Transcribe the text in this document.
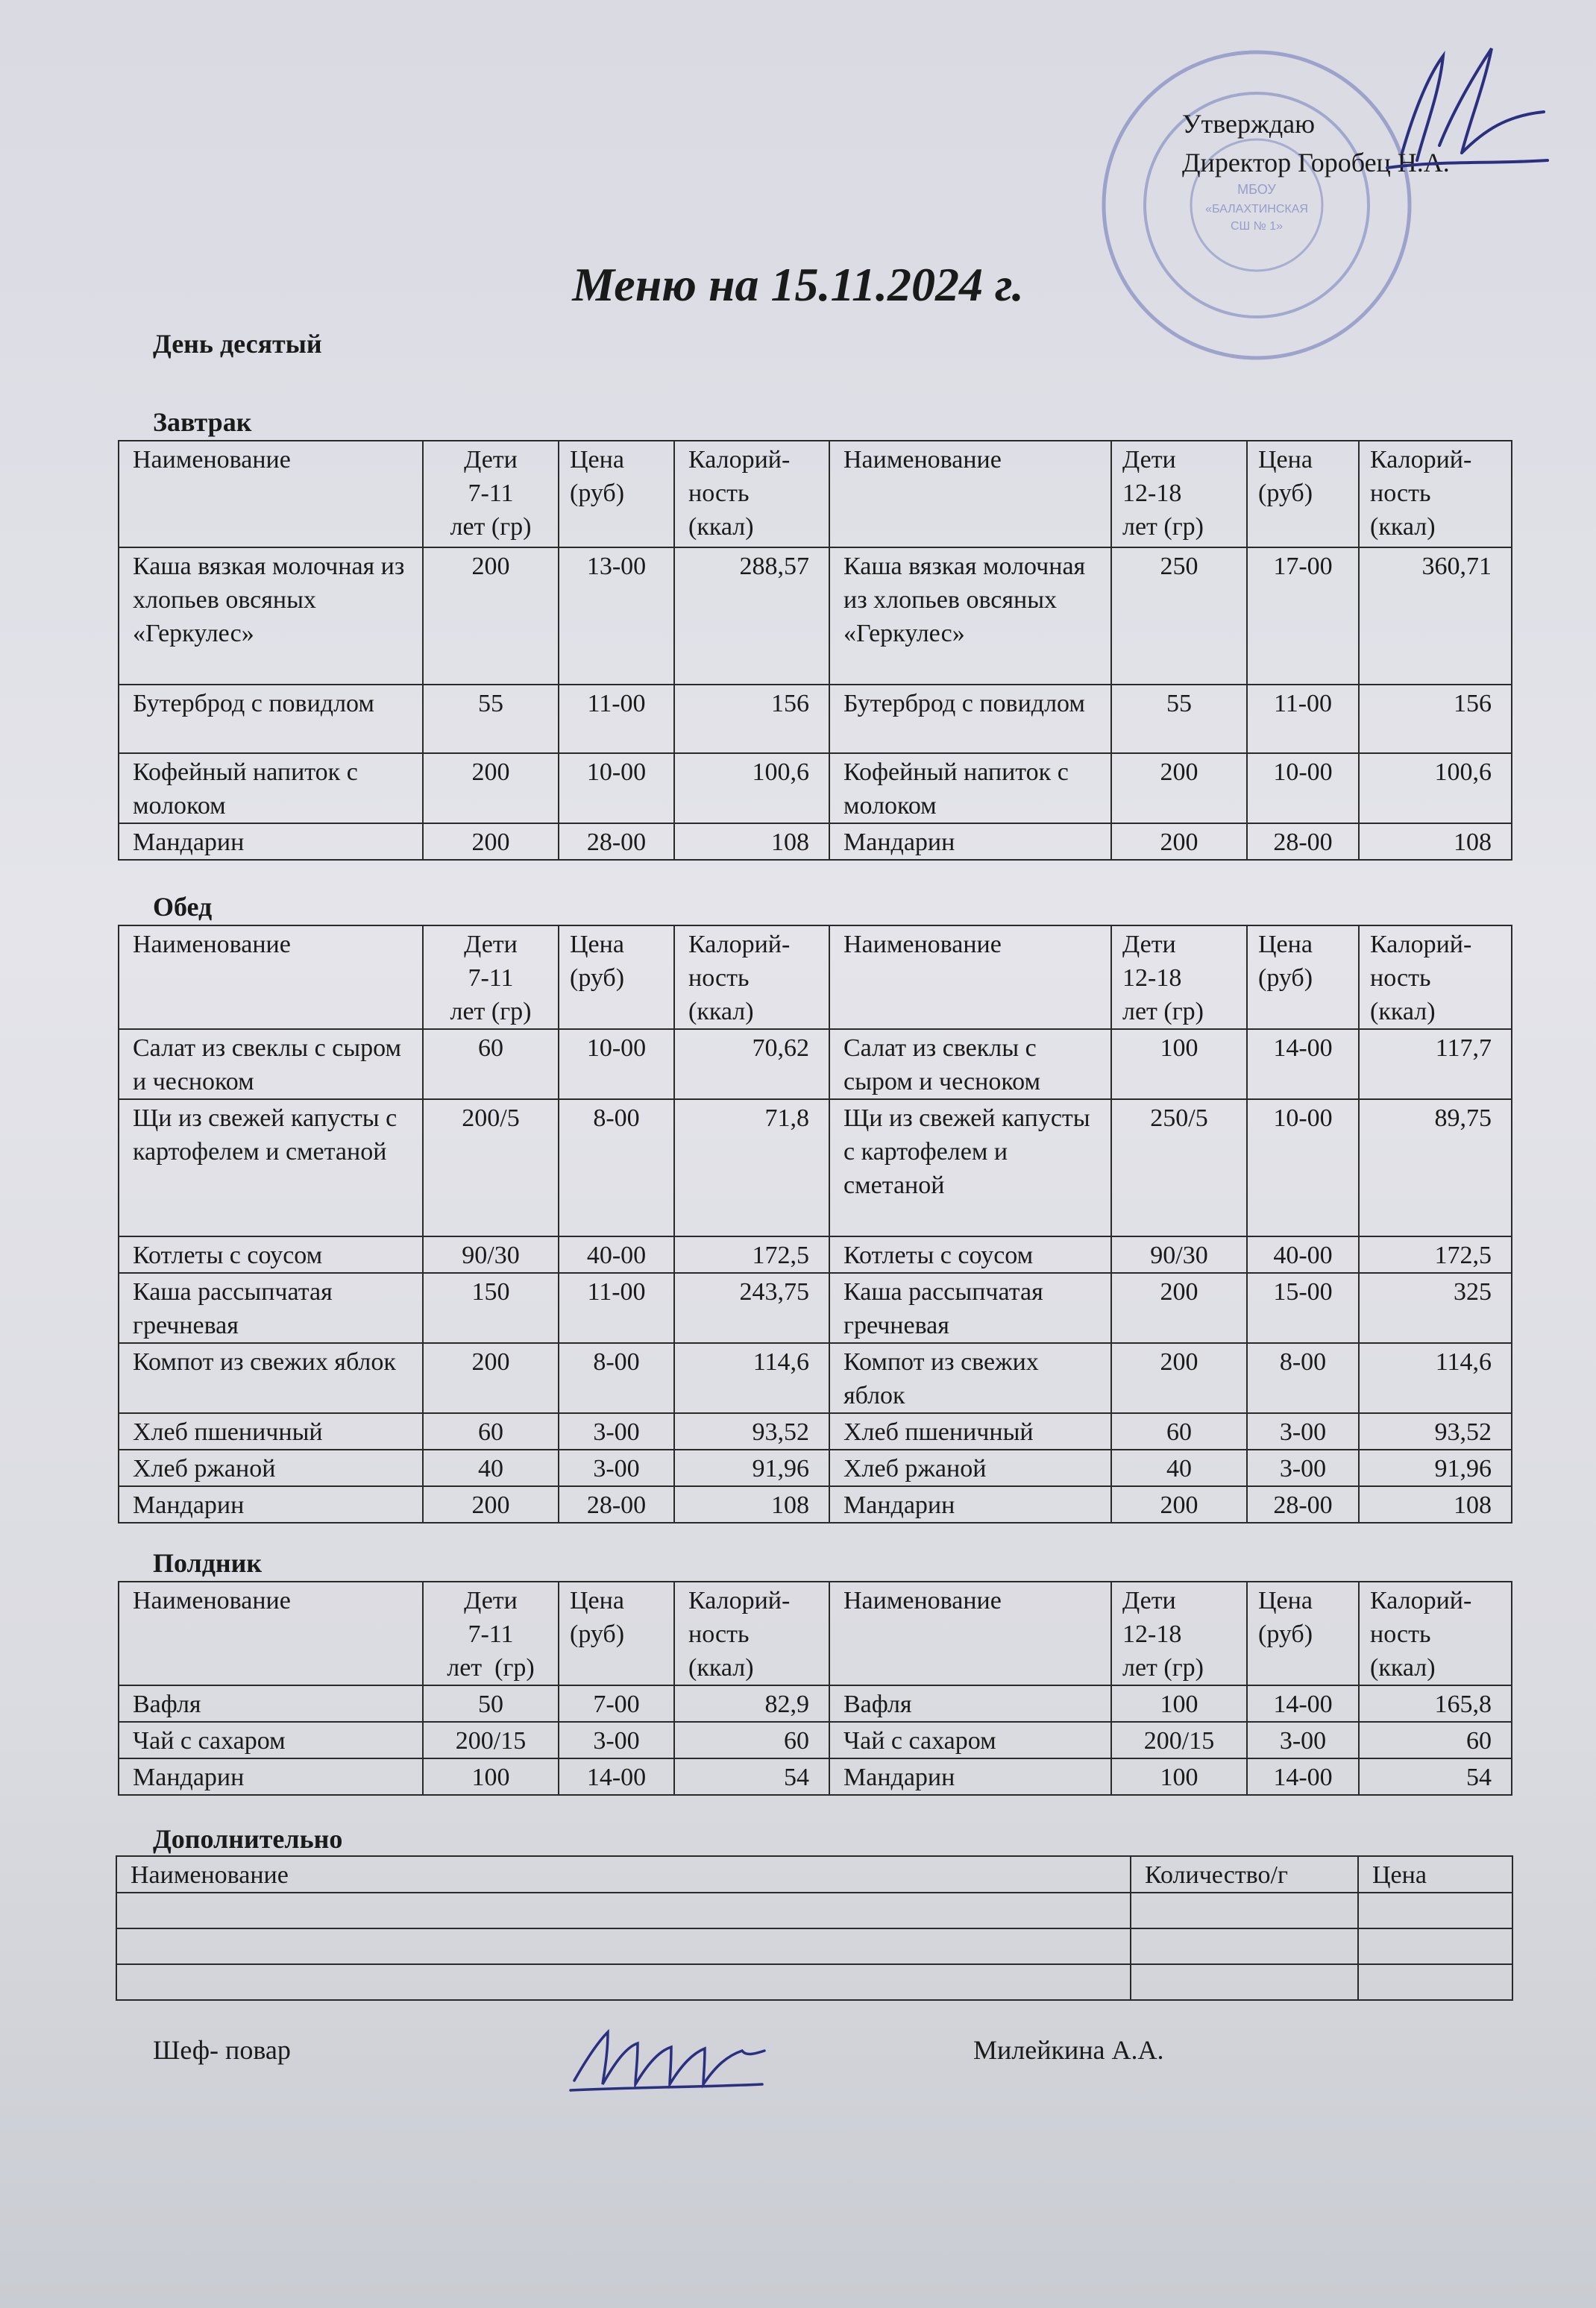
МБОУ
«БАЛАХТИНСКАЯ
СШ № 1»
Утверждаю
Директор Горобец Н.А.
Меню на 15.11.2024 г.
День десятый
Завтрак
Наименование	Дети
7-11
лет (гр)	Цена
(руб)	Калорий-
ность
(ккал)	Наименование	Дети
12-18
лет (гр)	Цена
(руб)	Калорий-
ность
(ккал)
Каша вязкая молочная из хлопьев овсяных «Геркулес»	200	13-00	288,57	Каша вязкая молочная из хлопьев овсяных «Геркулес»	250	17-00	360,71
Бутерброд с повидлом	55	11-00	156	Бутерброд с повидлом	55	11-00	156
Кофейный напиток с молоком	200	10-00	100,6	Кофейный напиток с молоком	200	10-00	100,6
Мандарин	200	28-00	108	Мандарин	200	28-00	108
Обед
Наименование	Дети
7-11
лет (гр)	Цена
(руб)	Калорий-
ность
(ккал)	Наименование	Дети
12-18
лет (гр)	Цена
(руб)	Калорий-
ность
(ккал)
Салат из свеклы с сыром и чесноком	60	10-00	70,62	Салат из свеклы с сыром и чесноком	100	14-00	117,7
Щи из свежей капусты с картофелем и сметаной	200/5	8-00	71,8	Щи из свежей капусты с картофелем и сметаной	250/5	10-00	89,75
Котлеты с соусом	90/30	40-00	172,5	Котлеты с соусом	90/30	40-00	172,5
Каша рассыпчатая гречневая	150	11-00	243,75	Каша рассыпчатая гречневая	200	15-00	325
Компот из свежих яблок	200	8-00	114,6	Компот из свежих яблок	200	8-00	114,6
Хлеб пшеничный	60	3-00	93,52	Хлеб пшеничный	60	3-00	93,52
Хлеб ржаной	40	3-00	91,96	Хлеб ржаной	40	3-00	91,96
Мандарин	200	28-00	108	Мандарин	200	28-00	108
Полдник
Наименование	Дети
7-11
лет  (гр)	Цена
(руб)	Калорий-
ность
(ккал)	Наименование	Дети
12-18
лет (гр)	Цена
(руб)	Калорий-
ность
(ккал)
Вафля	50	7-00	82,9	Вафля	100	14-00	165,8
Чай с сахаром	200/15	3-00	60	Чай с сахаром	200/15	3-00	60
Мандарин	100	14-00	54	Мандарин	100	14-00	54
Дополнительно
Наименование	Количество/г	Цена

Шеф- повар	Милейкина А.А.
